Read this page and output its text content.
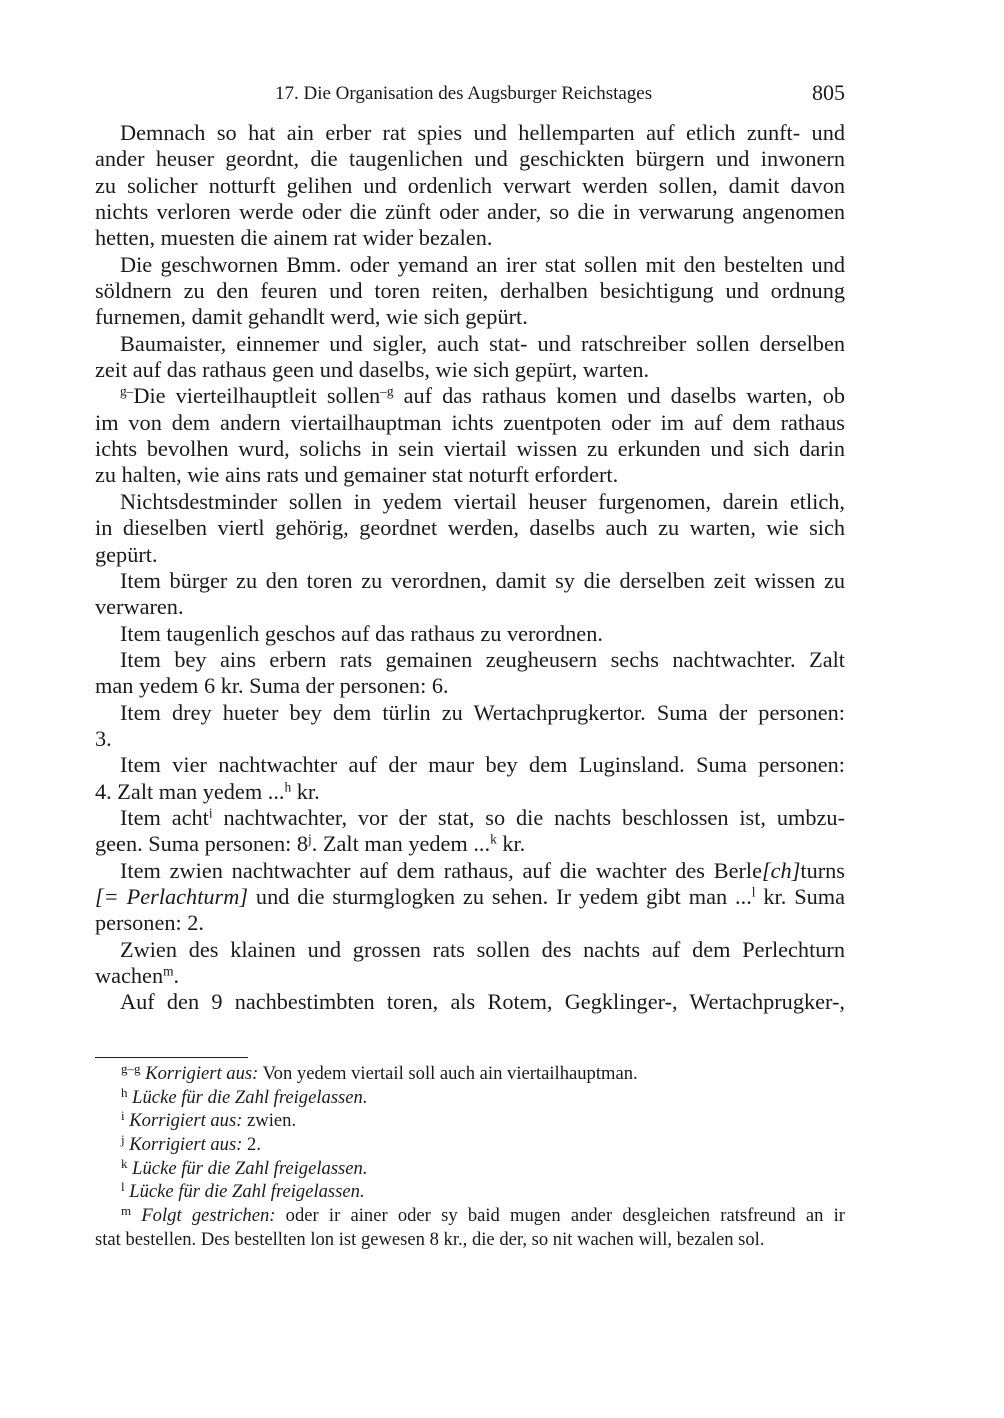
17. Die Organisation des Augsburger Reichstages	805
Demnach so hat ain erber rat spies und hellemparten auf etlich zunft- und
ander heuser geordnt, die taugenlichen und geschickten bürgern und inwonern
zu solicher notturft gelihen und ordenlich verwart werden sollen, damit davon
nichts verloren werde oder die zünft oder ander, so die in verwarung angenomen
hetten, muesten die ainem rat wider bezalen.
Die geschwornen Bmm. oder yemand an irer stat sollen mit den bestelten und
söldnern zu den feuren und toren reiten, derhalben besichtigung und ordnung
furnemen, damit gehandlt werd, wie sich gepürt.
Baumaister, einnemer und sigler, auch stat- und ratschreiber sollen derselben
zeit auf das rathaus geen und daselbs, wie sich gepürt, warten.
$^{g-}$Die vierteilhauptleit sollen$^{-g}$ auf das rathaus komen und daselbs warten, ob
im von dem andern viertailhauptman ichts zuentpoten oder im auf dem rathaus
ichts bevolhen wurd, solichs in sein viertail wissen zu erkunden und sich darin
zu halten, wie ains rats und gemainer stat noturft erfordert.
Nichtsdestminder sollen in yedem viertail heuser furgenomen, darein etlich,
in dieselben viertl gehörig, geordnet werden, daselbs auch zu warten, wie sich
gepürt.
Item bürger zu den toren zu verordnen, damit sy die derselben zeit wissen zu
verwaren.
Item taugenlich geschos auf das rathaus zu verordnen.
Item bey ains erbern rats gemainen zeugheusern sechs nachtwachter. Zalt
man yedem 6 kr. Suma der personen: 6.
Item drey hueter bey dem türlin zu Wertachprugkertor. Suma der personen:
3.
Item vier nachtwachter auf der maur bey dem Luginsland. Suma personen:
4. Zalt man yedem ...$^h$ kr.
Item acht$^i$ nachtwachter, vor der stat, so die nachts beschlossen ist, umbzu-
geen. Suma personen: 8$^j$. Zalt man yedem ...$^k$ kr.
Item zwien nachtwachter auf dem rathaus, auf die wachter des Berle[ch]turns
[= Perlachturm] und die sturmglogken zu sehen. Ir yedem gibt man ...$^l$ kr. Suma
personen: 2.
Zwien des klainen und grossen rats sollen des nachts auf dem Perlechturn
wachen$^m$.
Auf den 9 nachbestimbten toren, als Rotem, Gegklinger-, Wertachprugker-,
$^{g-g}$ Korrigiert aus: Von yedem viertail soll auch ain viertailhauptman.
$^h$ Lücke für die Zahl freigelassen.
$^i$ Korrigiert aus: zwien.
$^j$ Korrigiert aus: 2.
$^k$ Lücke für die Zahl freigelassen.
$^l$ Lücke für die Zahl freigelassen.
$^m$ Folgt gestrichen: oder ir ainer oder sy baid mugen ander desgleichen ratsfreund an ir
stat bestellen. Des bestellten lon ist gewesen 8 kr., die der, so nit wachen will, bezalen sol.
